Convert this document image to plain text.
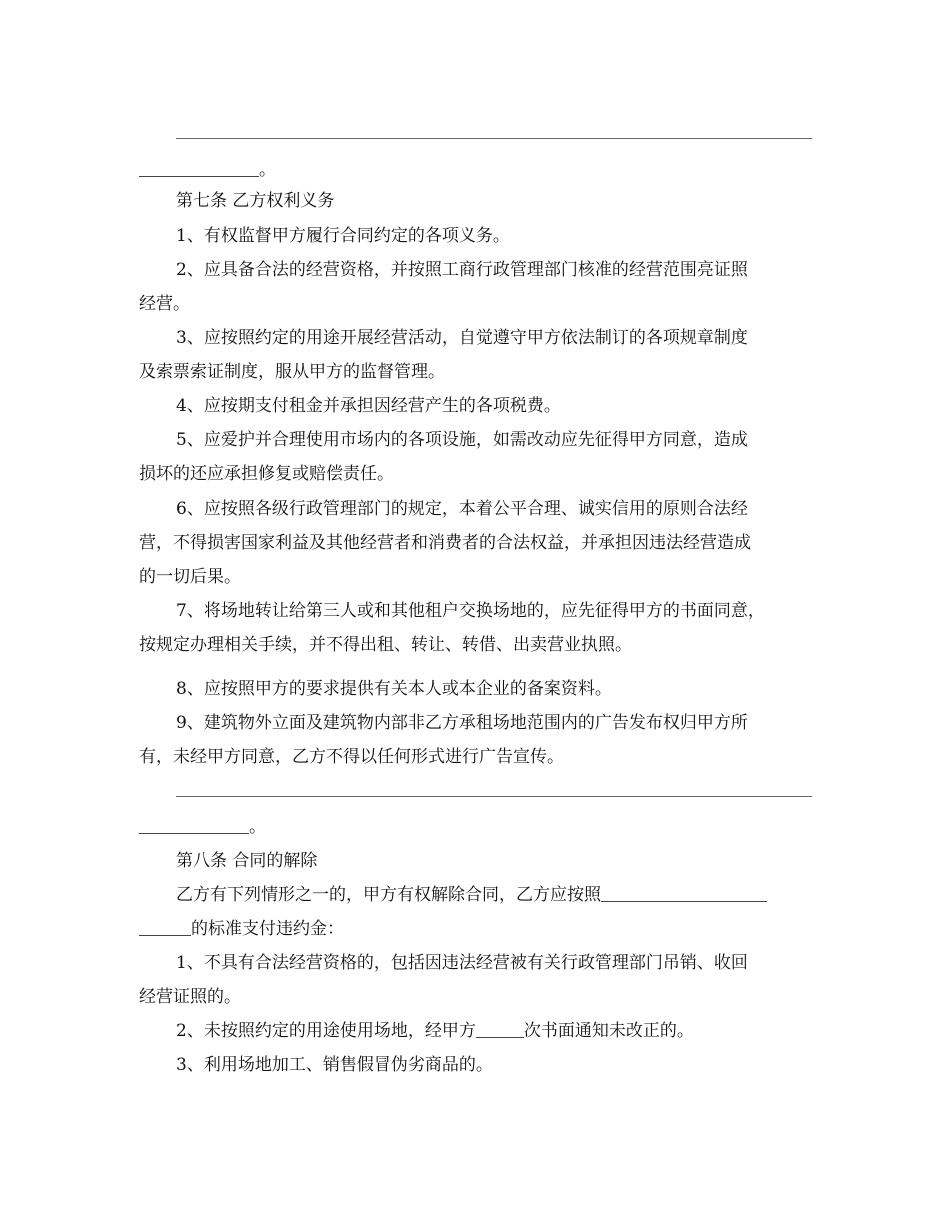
。
第七条 乙方权利义务
1、有权监督甲方履行合同约定的各项义务。
2、应具备合法的经营资格，并按照工商行政管理部门核准的经营范围亮证照
经营。
3、应按照约定的用途开展经营活动，自觉遵守甲方依法制订的各项规章制度
及索票索证制度，服从甲方的监督管理。
4、应按期支付租金并承担因经营产生的各项税费。
5、应爱护并合理使用市场内的各项设施，如需改动应先征得甲方同意，造成
损坏的还应承担修复或赔偿责任。
6、应按照各级行政管理部门的规定，本着公平合理、诚实信用的原则合法经
营，不得损害国家利益及其他经营者和消费者的合法权益，并承担因违法经营造成
的一切后果。
7、将场地转让给第三人或和其他租户交换场地的，应先征得甲方的书面同意，
按规定办理相关手续，并不得出租、转让、转借、出卖营业执照。
8、应按照甲方的要求提供有关本人或本企业的备案资料。
9、建筑物外立面及建筑物内部非乙方承租场地范围内的广告发布权归甲方所
有，未经甲方同意，乙方不得以任何形式进行广告宣传。
。
第八条 合同的解除
乙方有下列情形之一的，甲方有权解除合同，乙方应按照
的标准支付违约金：
1、不具有合法经营资格的，包括因违法经营被有关行政管理部门吊销、收回
经营证照的。
2、未按照约定的用途使用场地，经甲方	次书面通知未改正的。
3、利用场地加工、销售假冒伪劣商品的。
